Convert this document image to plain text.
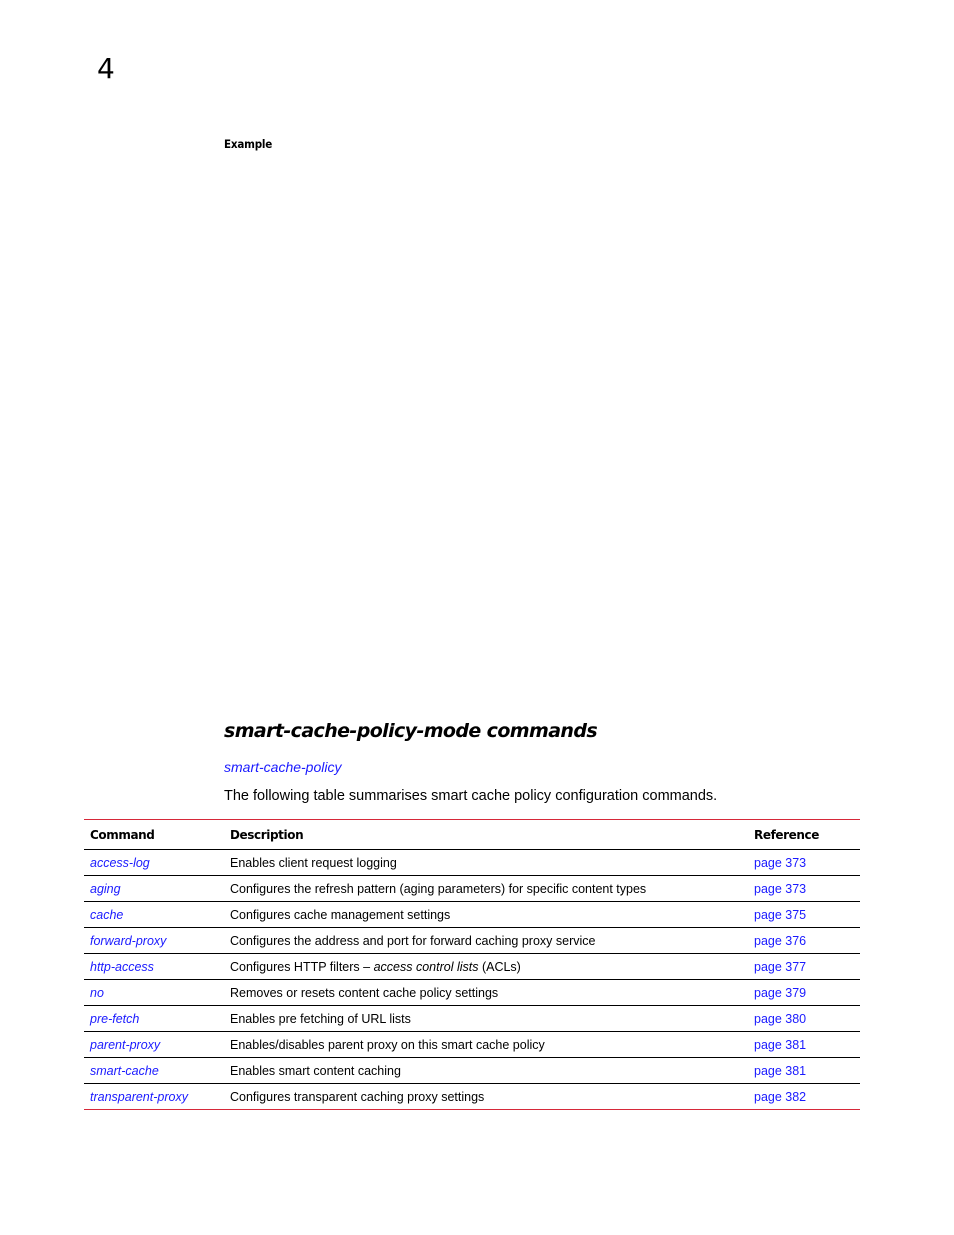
4
Example
smart-cache-policy-mode commands
smart-cache-policy
The following table summarises smart cache policy configuration commands.
Command	Description	Reference
access-log	Enables client request logging	page 373
aging	Configures the refresh pattern (aging parameters) for specific content types	page 373
cache	Configures cache management settings	page 375
forward-proxy	Configures the address and port for forward caching proxy service	page 376
http-access	Configures HTTP filters – access control lists (ACLs)	page 377
no	Removes or resets content cache policy settings	page 379
pre-fetch	Enables pre fetching of URL lists	page 380
parent-proxy	Enables/disables parent proxy on this smart cache policy	page 381
smart-cache	Enables smart content caching	page 381
transparent-proxy	Configures transparent caching proxy settings	page 382
